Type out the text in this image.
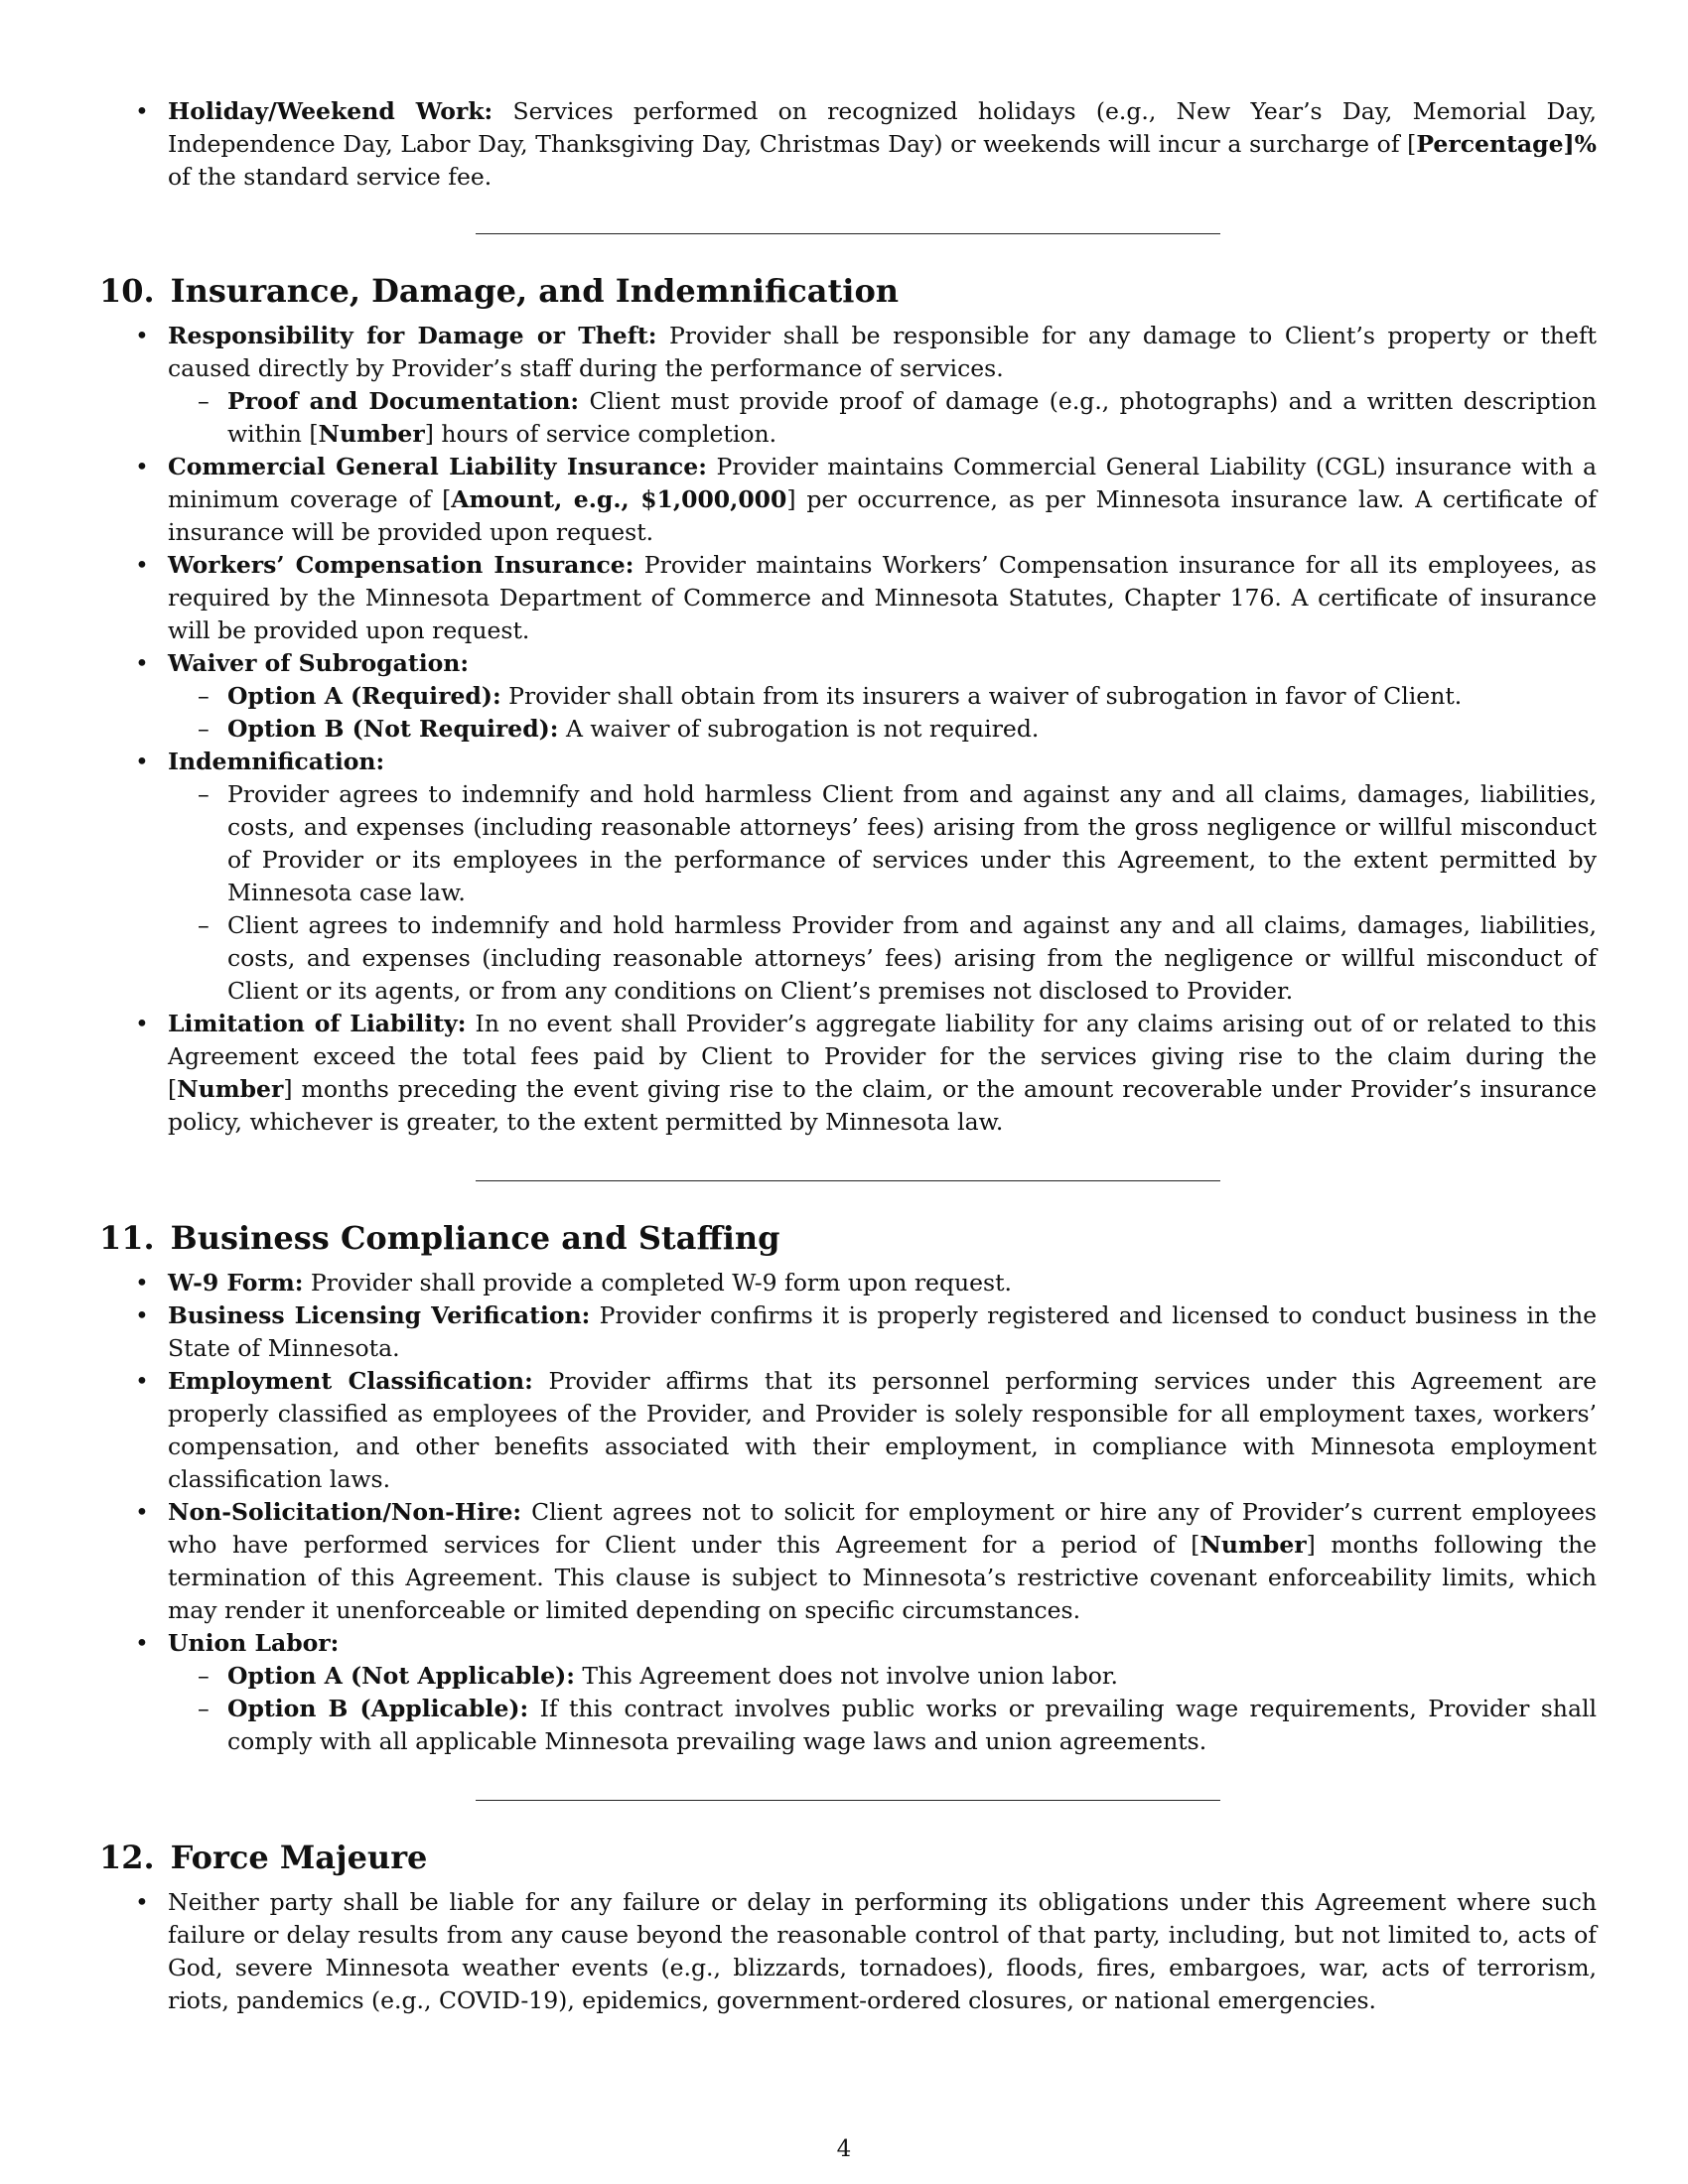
• Holiday/Weekend Work: Services performed on recognized holidays (e.g., New Year’s Day, Memorial Day, Independence Day, Labor Day, Thanksgiving Day, Christmas Day) or weekends will incur a surcharge of [Percentage]% of the standard service fee.
10. Insurance, Damage, and Indemnification
• Responsibility for Damage or Theft: Provider shall be responsible for any damage to Client’s property or theft caused directly by Provider’s staff during the performance of services.
– Proof and Documentation: Client must provide proof of damage (e.g., photographs) and a written description within [Number] hours of service completion.
• Commercial General Liability Insurance: Provider maintains Commercial General Liability (CGL) insurance with a minimum coverage of [Amount, e.g., $1,000,000] per occurrence, as per Minnesota insurance law. A certificate of insurance will be provided upon request.
• Workers’ Compensation Insurance: Provider maintains Workers’ Compensation insurance for all its employees, as required by the Minnesota Department of Commerce and Minnesota Statutes, Chapter 176. A certificate of insurance will be provided upon request.
• Waiver of Subrogation:
– Option A (Required): Provider shall obtain from its insurers a waiver of subrogation in favor of Client.
– Option B (Not Required): A waiver of subrogation is not required.
• Indemnification:
– Provider agrees to indemnify and hold harmless Client from and against any and all claims, damages, liabilities, costs, and expenses (including reasonable attorneys’ fees) arising from the gross negligence or willful misconduct of Provider or its employees in the performance of services under this Agreement, to the extent permitted by Minnesota case law.
– Client agrees to indemnify and hold harmless Provider from and against any and all claims, damages, liabilities, costs, and expenses (including reasonable attorneys’ fees) arising from the negligence or willful misconduct of Client or its agents, or from any conditions on Client’s premises not disclosed to Provider.
• Limitation of Liability: In no event shall Provider’s aggregate liability for any claims arising out of or related to this Agreement exceed the total fees paid by Client to Provider for the services giving rise to the claim during the [Number] months preceding the event giving rise to the claim, or the amount recoverable under Provider’s insurance policy, whichever is greater, to the extent permitted by Minnesota law.
11. Business Compliance and Staffing
• W-9 Form: Provider shall provide a completed W-9 form upon request.
• Business Licensing Verification: Provider confirms it is properly registered and licensed to conduct business in the State of Minnesota.
• Employment Classification: Provider affirms that its personnel performing services under this Agreement are properly classified as employees of the Provider, and Provider is solely responsible for all employment taxes, workers’ compensation, and other benefits associated with their employment, in compliance with Minnesota employment classification laws.
• Non-Solicitation/Non-Hire: Client agrees not to solicit for employment or hire any of Provider’s current employees who have performed services for Client under this Agreement for a period of [Number] months following the termination of this Agreement. This clause is subject to Minnesota’s restrictive covenant enforceability limits, which may render it unenforceable or limited depending on specific circumstances.
• Union Labor:
– Option A (Not Applicable): This Agreement does not involve union labor.
– Option B (Applicable): If this contract involves public works or prevailing wage requirements, Provider shall comply with all applicable Minnesota prevailing wage laws and union agreements.
12. Force Majeure
• Neither party shall be liable for any failure or delay in performing its obligations under this Agreement where such failure or delay results from any cause beyond the reasonable control of that party, including, but not limited to, acts of God, severe Minnesota weather events (e.g., blizzards, tornadoes), floods, fires, embargoes, war, acts of terrorism, riots, pandemics (e.g., COVID-19), epidemics, government-ordered closures, or national emergencies.
4
